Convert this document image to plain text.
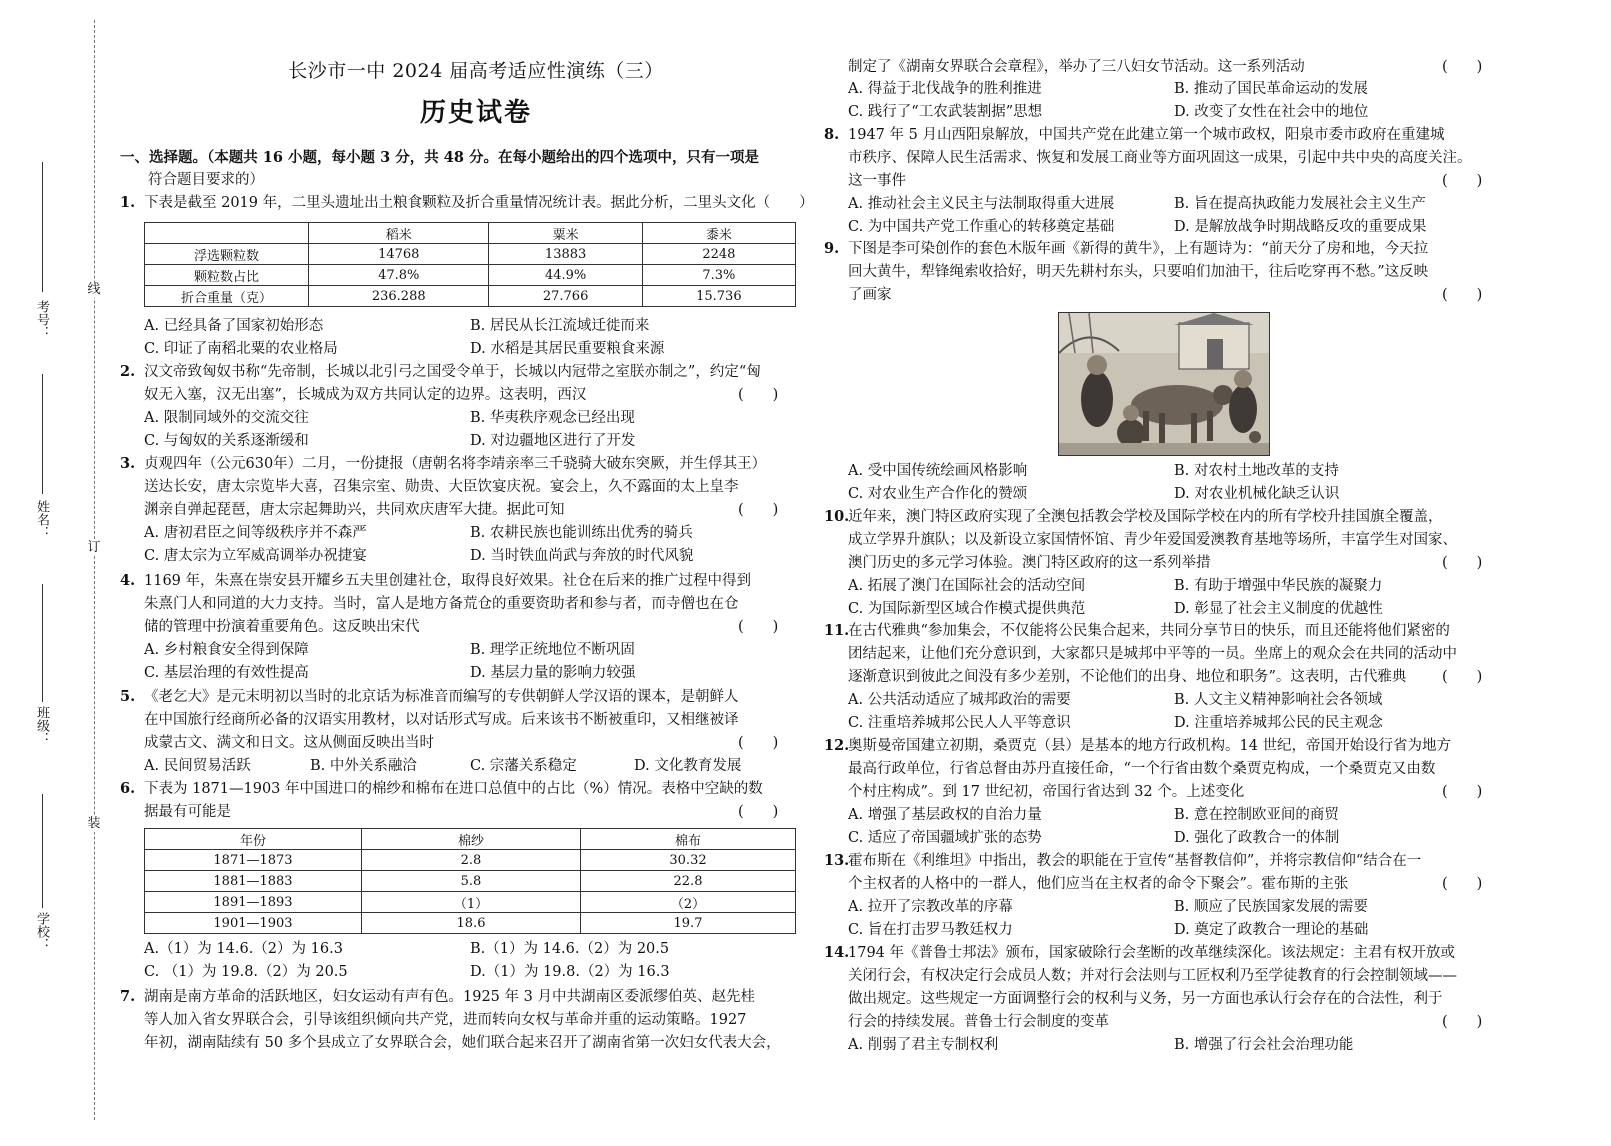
线
订
装
考号：
姓名：
班级：
学校：
长沙市一中 2024 届高考适应性演练（三）
历史试卷
一、选择题。（本题共 16 小题，每小题 3 分，共 48 分。在每小题给出的四个选项中，只有一项是
符合题目要求的）
1. 下表是截至 2019 年，二里头遗址出土粮食颗粒及折合重量情况统计表。据此分析，二里头文化（　　）
	稻米	粟米	黍米
浮选颗粒数	14768	13883	2248
颗粒数占比	47.8%	44.9%	7.3%
折合重量（克）	236.288	27.766	15.736
A. 已经具备了国家初始形态	B. 居民从长江流域迁徙而来
C. 印证了南稻北粟的农业格局	D. 水稻是其居民重要粮食来源
2. 汉文帝致匈奴书称“先帝制，长城以北引弓之国受令单于，长城以内冠带之室朕亦制之”，约定“匈
奴无入塞，汉无出塞”，长城成为双方共同认定的边界。这表明，西汉	(　　)
A. 限制同域外的交流交往	B. 华夷秩序观念已经出现
C. 与匈奴的关系逐渐缓和	D. 对边疆地区进行了开发
3. 贞观四年（公元630年）二月，一份捷报（唐朝名将李靖亲率三千骁骑大破东突厥，并生俘其王）
送达长安，唐太宗览毕大喜，召集宗室、勋贵、大臣饮宴庆祝。宴会上，久不露面的太上皇李
渊亲自弹起琵琶，唐太宗起舞助兴，共同欢庆唐军大捷。据此可知	(　　)
A. 唐初君臣之间等级秩序并不森严	B. 农耕民族也能训练出优秀的骑兵
C. 唐太宗为立军威高调举办祝捷宴	D. 当时铁血尚武与奔放的时代风貌
4. 1169 年，朱熹在崇安县开耀乡五夫里创建社仓，取得良好效果。社仓在后来的推广过程中得到
朱熹门人和同道的大力支持。当时，富人是地方备荒仓的重要资助者和参与者，而寺僧也在仓
储的管理中扮演着重要角色。这反映出宋代	(　　)
A. 乡村粮食安全得到保障	B. 理学正统地位不断巩固
C. 基层治理的有效性提高	D. 基层力量的影响力较强
5. 《老乞大》是元末明初以当时的北京话为标准音而编写的专供朝鲜人学汉语的课本，是朝鲜人
在中国旅行经商所必备的汉语实用教材，以对话形式写成。后来该书不断被重印，又相继被译
成蒙古文、满文和日文。这从侧面反映出当时	(　　)
A. 民间贸易活跃	B. 中外关系融洽	C. 宗藩关系稳定	D. 文化教育发展
6. 下表为 1871—1903 年中国进口的棉纱和棉布在进口总值中的占比（%）情况。表格中空缺的数
据最有可能是	(　　)
年份	棉纱	棉布
1871—1873	2.8	30.32
1881—1883	5.8	22.8
1891—1893	（1）	（2）
1901—1903	18.6	19.7
A.（1）为 14.6.（2）为 16.3	B.（1）为 14.6.（2）为 20.5
C. （1）为 19.8.（2）为 20.5	D.（1）为 19.8.（2）为 16.3
7. 湖南是南方革命的活跃地区，妇女运动有声有色。1925 年 3 月中共湖南区委派缪伯英、赵先桂
等人加入省女界联合会，引导该组织倾向共产党，进而转向女权与革命并重的运动策略。1927
年初，湖南陆续有 50 多个县成立了女界联合会，她们联合起来召开了湖南省第一次妇女代表大会，
制定了《湖南女界联合会章程》，举办了三八妇女节活动。这一系列活动	(　　)
A. 得益于北伐战争的胜利推进	B. 推动了国民革命运动的发展
C. 践行了“工农武装割据”思想	D. 改变了女性在社会中的地位
8. 1947 年 5 月山西阳泉解放，中国共产党在此建立第一个城市政权，阳泉市委市政府在重建城
市秩序、保障人民生活需求、恢复和发展工商业等方面巩固这一成果，引起中共中央的高度关注。
这一事件	(　　)
A. 推动社会主义民主与法制取得重大进展	B. 旨在提高执政能力发展社会主义生产
C. 为中国共产党工作重心的转移奠定基础	D. 是解放战争时期战略反攻的重要成果
9. 下图是李可染创作的套色木版年画《新得的黄牛》，上有题诗为：“前天分了房和地，今天拉
回大黄牛，犁锋绳索收拾好，明天先耕村东头，只要咱们加油干，往后吃穿再不愁。”这反映
了画家	(　　)
A. 受中国传统绘画风格影响	B. 对农村土地改革的支持
C. 对农业生产合作化的赞颂	D. 对农业机械化缺乏认识
10.
近年来，澳门特区政府实现了全澳包括教会学校及国际学校在内的所有学校升挂国旗全覆盖，
成立学界升旗队；以及新设立家国情怀馆、青少年爱国爱澳教育基地等场所，丰富学生对国家、
澳门历史的多元学习体验。澳门特区政府的这一系列举措	(　　)
A. 拓展了澳门在国际社会的活动空间	B. 有助于增强中华民族的凝聚力
C. 为国际新型区域合作模式提供典范	D. 彰显了社会主义制度的优越性
11.
在古代雅典“参加集会，不仅能将公民集合起来，共同分享节日的快乐，而且还能将他们紧密的
团结起来，让他们充分意识到，大家都只是城邦中平等的一员。坐席上的观众会在共同的活动中
逐渐意识到彼此之间没有多少差别，不论他们的出身、地位和职务”。这表明，古代雅典 (　　)
A. 公共活动适应了城邦政治的需要	B. 人文主义精神影响社会各领域
C. 注重培养城邦公民人人平等意识	D. 注重培养城邦公民的民主观念
12.
奥斯曼帝国建立初期，桑贾克（县）是基本的地方行政机构。14 世纪，帝国开始设行省为地方
最高行政单位，行省总督由苏丹直接任命，“一个行省由数个桑贾克构成，一个桑贾克又由数
个村庄构成”。到 17 世纪初，帝国行省达到 32 个。上述变化	(　　)
A. 增强了基层政权的自治力量	B. 意在控制欧亚间的商贸
C. 适应了帝国疆域扩张的态势	D. 强化了政教合一的体制
13.
霍布斯在《利维坦》中指出，教会的职能在于宣传“基督教信仰”，并将宗教信仰“结合在一
个主权者的人格中的一群人，他们应当在主权者的命令下聚会”。霍布斯的主张	(　　)
A. 拉开了宗教改革的序幕	B. 顺应了民族国家发展的需要
C. 旨在打击罗马教廷权力	D. 奠定了政教合一理论的基础
14.
1794 年《普鲁士邦法》颁布，国家破除行会垄断的改革继续深化。该法规定：主君有权开放或
关闭行会，有权决定行会成员人数；并对行会法则与工匠权利乃至学徒教育的行会控制领域——
做出规定。这些规定一方面调整行会的权利与义务，另一方面也承认行会存在的合法性，利于
行会的持续发展。普鲁士行会制度的变革	(　　)
A. 削弱了君主专制权利	B. 增强了行会社会治理功能
